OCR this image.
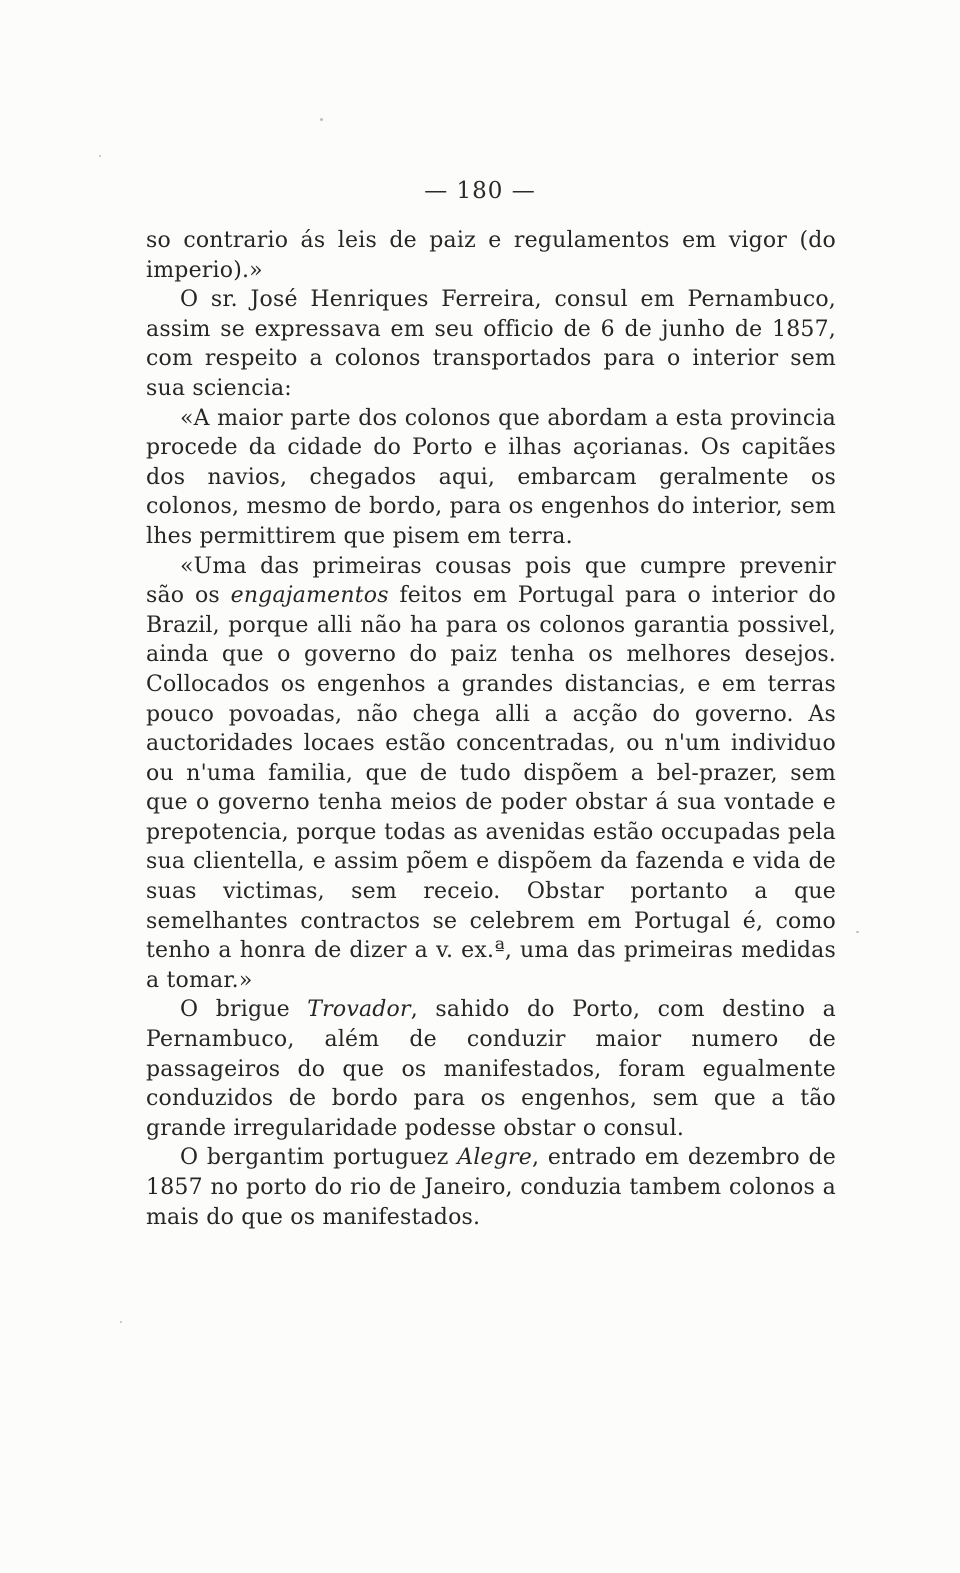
— 180 —

so contrario ás leis de paiz e regulamentos em vigor (do imperio).»

O sr. José Henriques Ferreira, consul em Pernambuco, assim se expressava em seu officio de 6 de junho de 1857, com respeito a colonos transportados para o interior sem sua sciencia:

«A maior parte dos colonos que abordam a esta provincia procede da cidade do Porto e ilhas açorianas. Os capitães dos navios, chegados aqui, embarcam geralmente os colonos, mesmo de bordo, para os engenhos do interior, sem lhes permittirem que pisem em terra.

«Uma das primeiras cousas pois que cumpre prevenir são os engajamentos feitos em Portugal para o interior do Brazil, porque alli não ha para os colonos garantia possivel, ainda que o governo do paiz tenha os melhores desejos. Collocados os engenhos a grandes distancias, e em terras pouco povoadas, não chega alli a acção do governo. As auctoridades locaes estão concentradas, ou n'um individuo ou n'uma familia, que de tudo dispõem a bel-prazer, sem que o governo tenha meios de poder obstar á sua vontade e prepotencia, porque todas as avenidas estão occupadas pela sua clientella, e assim põem e dispõem da fazenda e vida de suas victimas, sem receio. Obstar portanto a que semelhantes contractos se celebrem em Portugal é, como tenho a honra de dizer a v. ex.ª, uma das primeiras medidas a tomar.»

O brigue Trovador, sahido do Porto, com destino a Pernambuco, além de conduzir maior numero de passageiros do que os manifestados, foram egualmente conduzidos de bordo para os engenhos, sem que a tão grande irregularidade podesse obstar o consul.

O bergantim portuguez Alegre, entrado em dezembro de 1857 no porto do rio de Janeiro, conduzia tambem colonos a mais do que os manifestados.
